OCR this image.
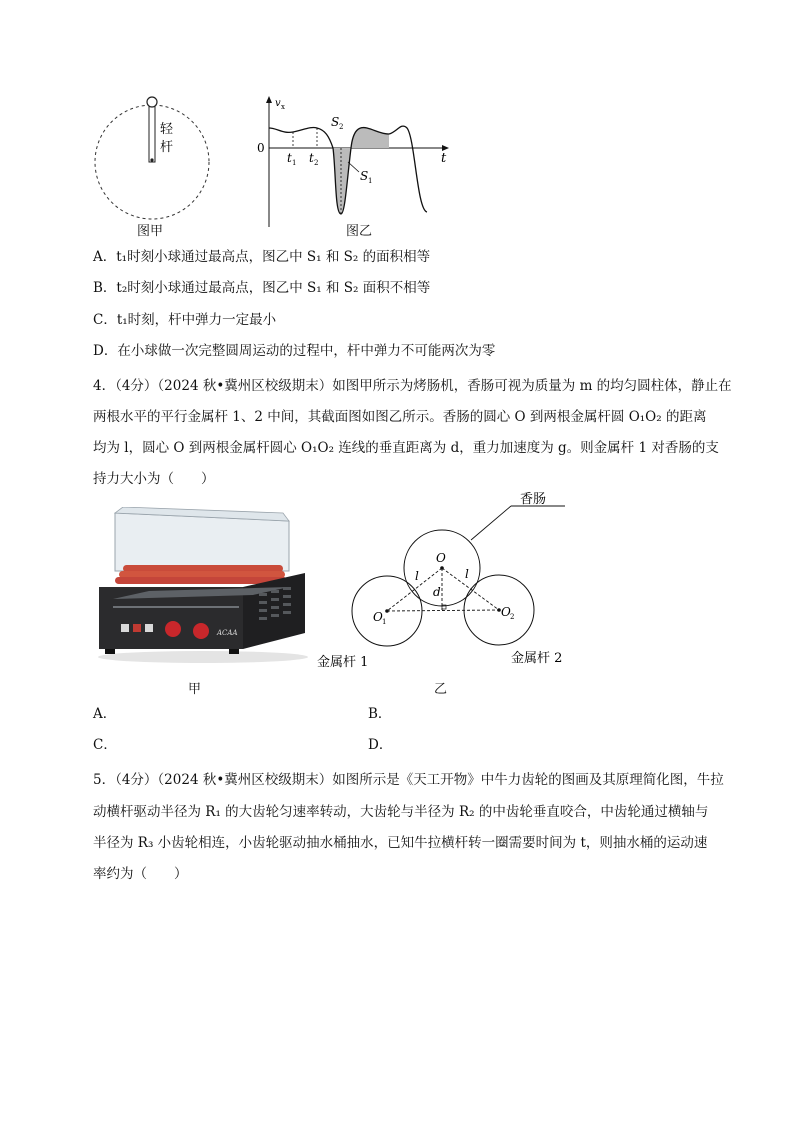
轻
杆
图甲
v x
0
t
t 1 t 2
S 2
S 1
图乙
A．t₁时刻小球通过最高点，图乙中 S₁ 和 S₂ 的面积相等
B．t₂时刻小球通过最高点，图乙中 S₁ 和 S₂ 面积不相等
C．t₁时刻，杆中弹力一定最小
D．在小球做一次完整圆周运动的过程中，杆中弹力不可能两次为零
4．（4分）（2024 秋•冀州区校级期末）如图甲所示为烤肠机，香肠可视为质量为 m 的均匀圆柱体，静止在
两根水平的平行金属杆 1、2 中间，其截面图如图乙所示。香肠的圆心 O 到两根金属杆圆 O₁O₂ 的距离
均为 l，圆心 O 到两根金属杆圆心 O₁O₂ 连线的垂直距离为 d，重力加速度为 g。则金属杆 1 对香肠的支
持力大小为（　　）
ACAA
甲
香肠
O
O 1
O 2
l	l
d
金属杆 1	金属杆 2
乙
A．	B．
C．	D．
5．（4分）（2024 秋•冀州区校级期末）如图所示是《天工开物》中牛力齿轮的图画及其原理简化图，牛拉
动横杆驱动半径为 R₁ 的大齿轮匀速率转动，大齿轮与半径为 R₂ 的中齿轮垂直咬合，中齿轮通过横轴与
半径为 R₃ 小齿轮相连，小齿轮驱动抽水桶抽水，已知牛拉横杆转一圈需要时间为 t，则抽水桶的运动速
率约为（　　）
